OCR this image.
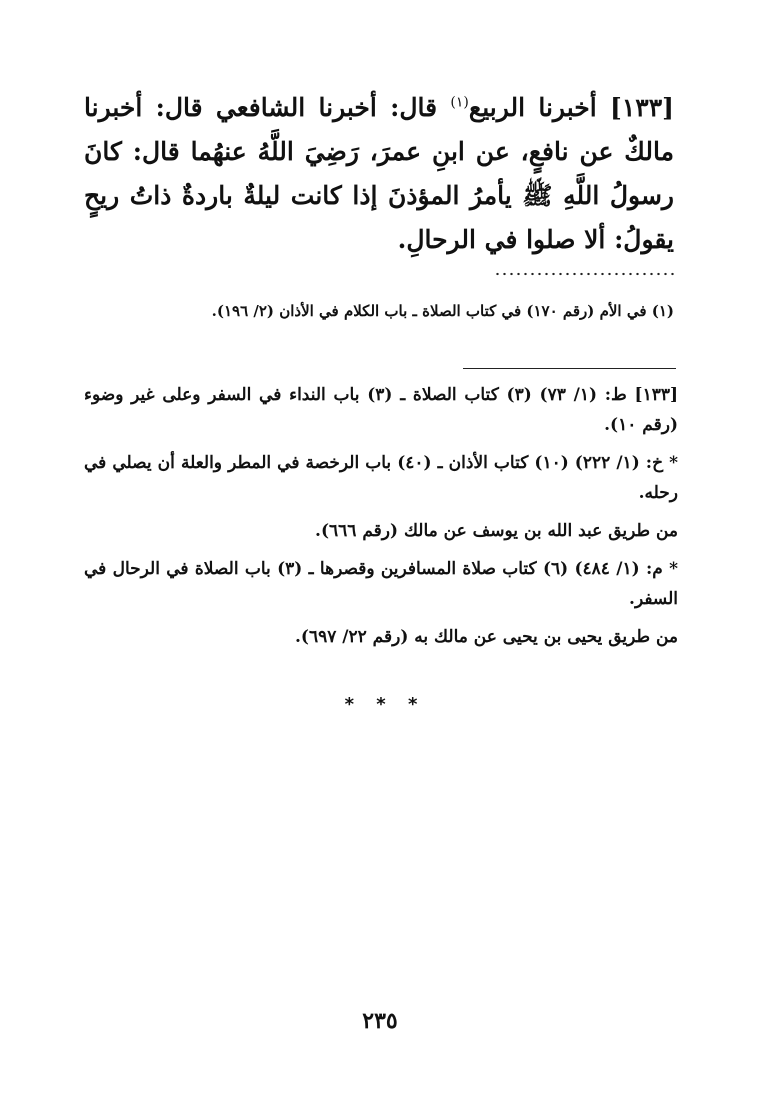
[١٣٣] أخبرنا الربيع$^{(١)}$ قال: أخبرنا الشافعي قال: أخبرنا مالكٌ عن نافعٍ، عن ابنِ عمرَ، رَضِيَ اللَّهُ عنهُما قال: كانَ رسولُ اللَّهِ ﷺ يأمرُ المؤذنَ إذا كانت ليلةٌ باردةٌ ذاتُ ريحٍ يقولُ: ألا صلوا في الرحالِ.
(١) في الأم (رقم ١٧٠) في كتاب الصلاة ـ باب الكلام في الأذان (٢/ ١٩٦).

[١٣٣] ط: (١/ ٧٣) (٣) كتاب الصلاة ـ (٣) باب النداء في السفر وعلى غير وضوء (رقم ١٠).

* خ: (١/ ٢٢٢) (١٠) كتاب الأذان ـ (٤٠) باب الرخصة في المطر والعلة أن يصلي في رحله.

من طريق عبد الله بن يوسف عن مالك (رقم ٦٦٦).

* م: (١/ ٤٨٤) (٦) كتاب صلاة المسافرين وقصرها ـ (٣) باب الصلاة في الرحال في السفر.

من طريق يحيى بن يحيى عن مالك به (رقم ٢٢/ ٦٩٧).

* * *
٢٣٥
